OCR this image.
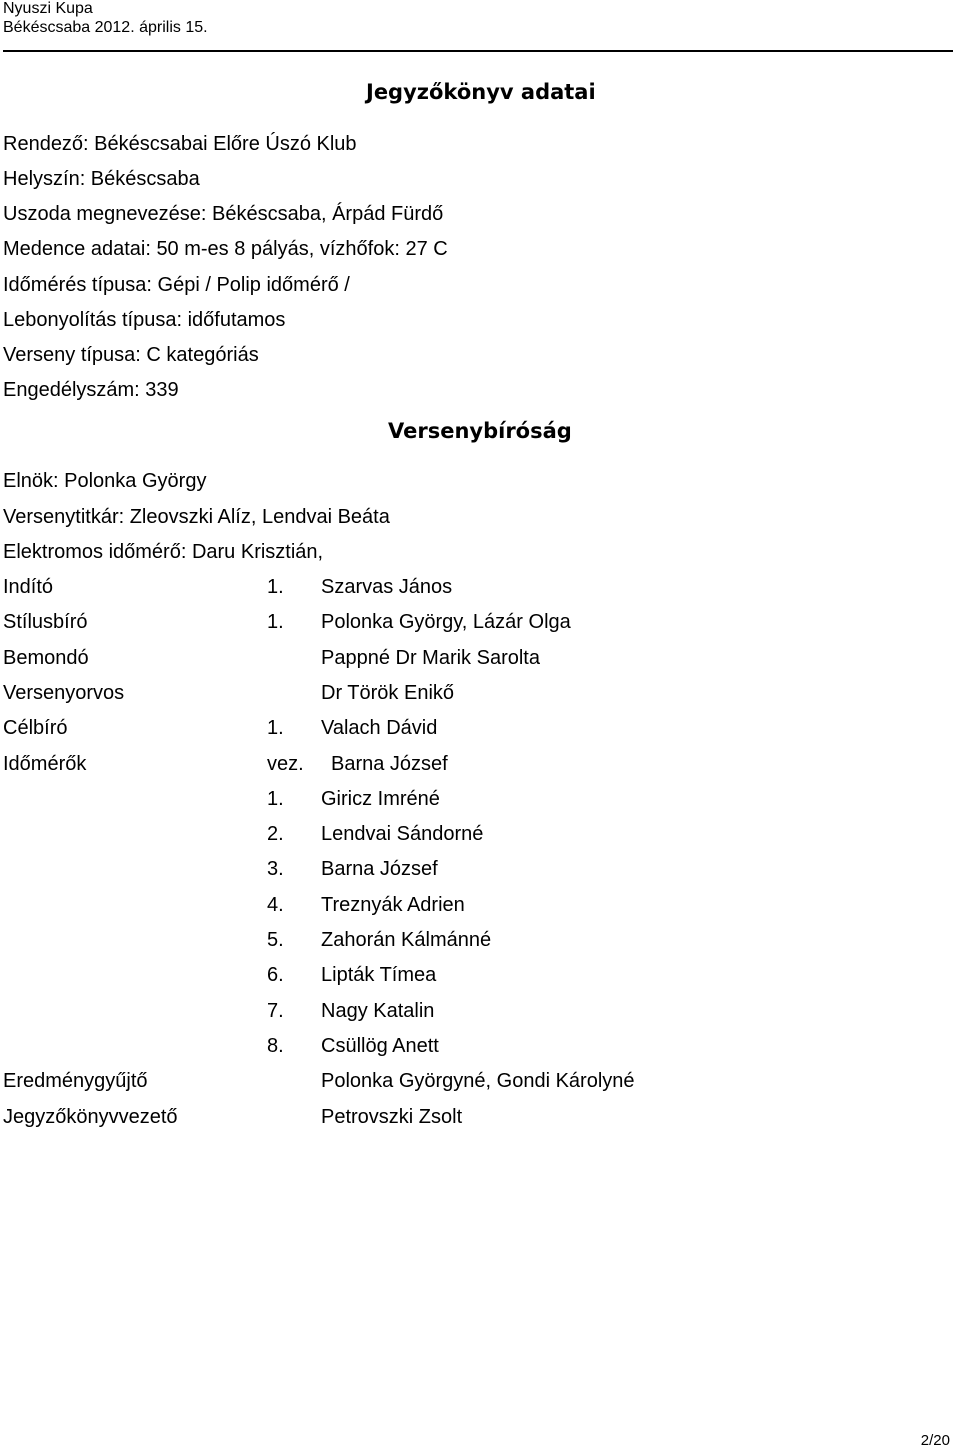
Nyuszi Kupa
Békéscsaba 2012. április 15.
Jegyzőkönyv adatai
Rendező: Békéscsabai Előre Úszó Klub
Helyszín: Békéscsaba
Uszoda megnevezése: Békéscsaba, Árpád Fürdő
Medence adatai: 50 m-es 8 pályás, vízhőfok: 27 C
Időmérés típusa: Gépi / Polip időmérő /
Lebonyolítás típusa: időfutamos
Verseny típusa: C kategóriás
Engedélyszám: 339
Versenybíróság
Elnök: Polonka György
Versenytitkár: Zleovszki Alíz, Lendvai Beáta
Elektromos időmérő: Daru Krisztián,
Indító	1. Szarvas János
Stílusbíró	1. Polonka György, Lázár Olga
Bemondó	Pappné Dr Marik Sarolta
Versenyorvos	Dr Török Enikő
Célbíró	1. Valach Dávid
Időmérők	vez. Barna József
1. Giricz Imréné
2. Lendvai Sándorné
3. Barna József
4. Treznyák Adrien
5. Zahorán Kálmánné
6. Lipták Tímea
7. Nagy Katalin
8. Csüllög Anett
Eredménygyűjtő	Polonka Györgyné, Gondi Károlyné
Jegyzőkönyvvezető	Petrovszki Zsolt
2/20
